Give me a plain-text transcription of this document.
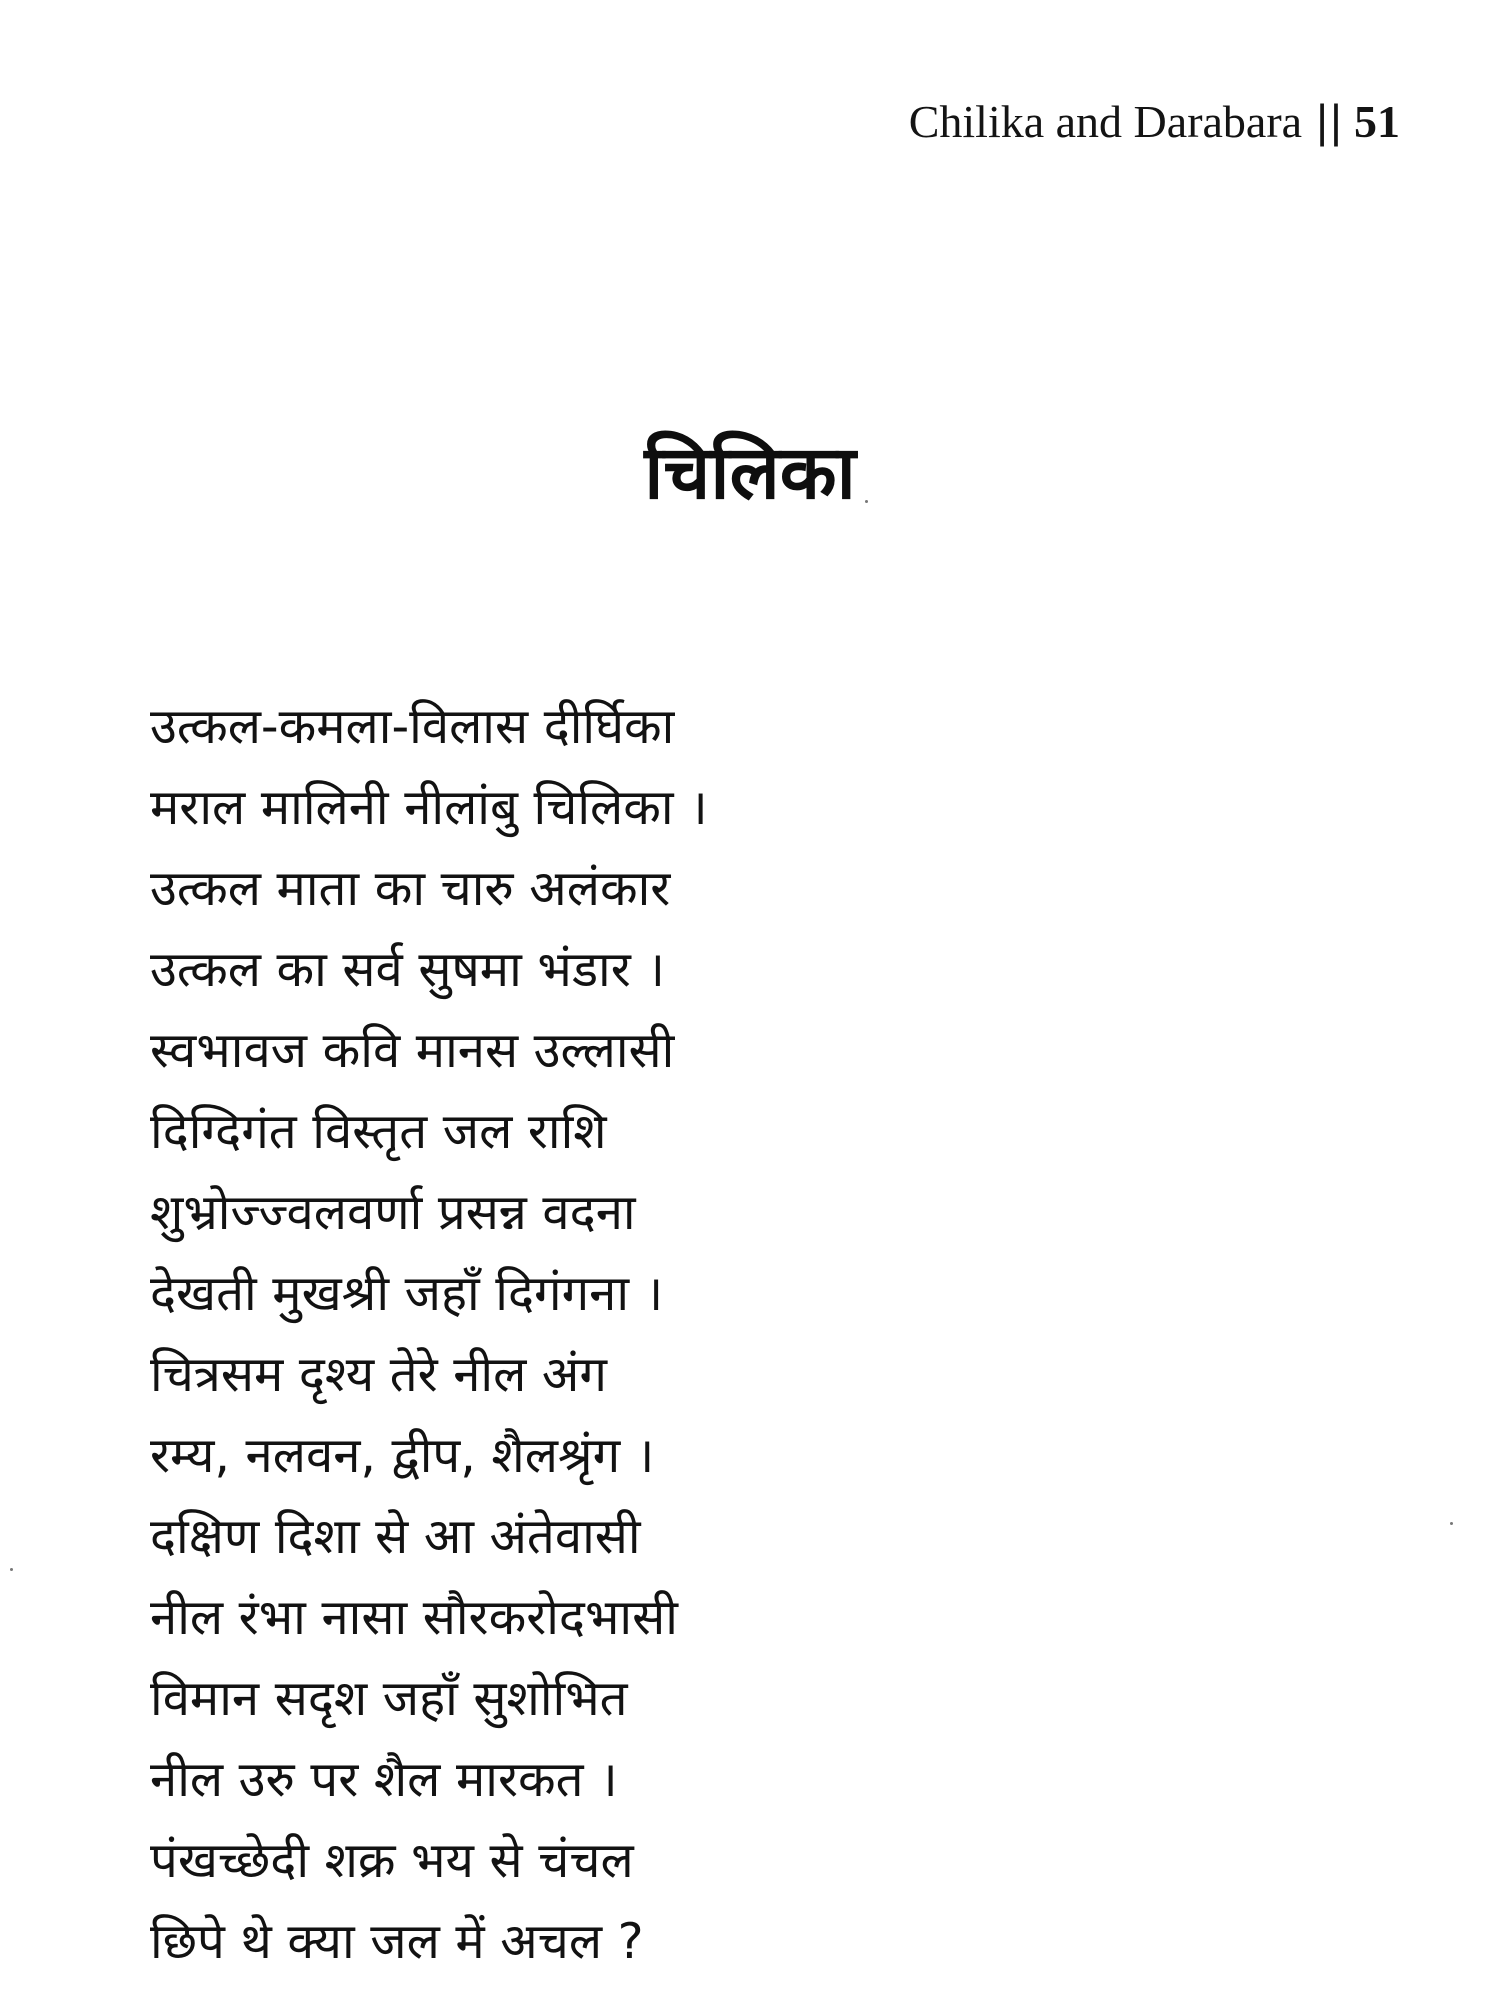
Chilika and Darabara || 51
चिलिका
उत्कल-कमला-विलास दीर्घिका
मराल मालिनी नीलांबु चिलिका ।
उत्कल माता का चारु अलंकार
उत्कल का सर्व सुषमा भंडार ।
स्वभावज कवि मानस उल्लासी
दिग्दिगंत विस्तृत जल राशि
शुभ्रोज्ज्वलवर्णा प्रसन्न वदना
देखती मुखश्री जहाँ दिगंगना ।
चित्रसम दृश्य तेरे नील अंग
रम्य, नलवन, द्वीप, शैलश्रृंग ।
दक्षिण दिशा से आ अंतेवासी
नील रंभा नासा सौरकरोदभासी
विमान सदृश जहाँ सुशोभित
नील उरु पर शैल मारकत ।
पंखच्छेदी शक्र भय से चंचल
छिपे थे क्या जल में अचल ?
